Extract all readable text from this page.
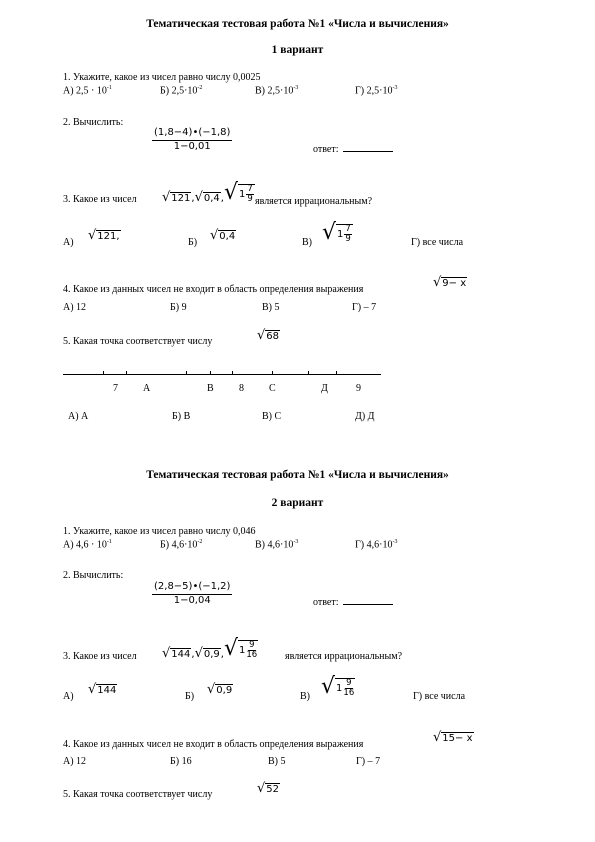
Тематическая тестовая работа №1 «Числа и вычисления»
1 вариант
1. Укажите, какое из чисел равно числу 0,0025
А) $2,5 \cdot 10^{-1}$	Б) $2,5\cdot 10^{-2}$	В) $2,5\cdot 10^{-3}$	Г) $2,5\cdot 10^{-3}$
2. Вычислить:
$\frac{(1,8-4)•(-1,8)}{1-0,01}$	ответ:
3. Какое из чисел √ 121 , √ 0,4 , √ $1 \frac{7}{9}$ является иррациональным?
А) √ 121,
Б) √ 0,4
В) √ $1 \frac{7}{9}$	Г) все числа
4. Какое из данных чисел не входит в область определения выражения	√ 9− x
А) 12	Б) 9	В) 5	Г) – 7
5. Какая точка соответствует числу	√ 68
7	А	В	8	С	Д	9
А) А	Б) В	В) С	Д) Д
Тематическая тестовая работа №1 «Числа и вычисления»
2 вариант
1. Укажите, какое из чисел равно числу 0,046
А) $4,6 \cdot 10^{-1}$	Б) $4,6\cdot 10^{-2}$	В) $4,6\cdot 10^{-3}$	Г) $4,6\cdot 10^{-3}$
2. Вычислить:
$\frac{(2,8-5)•(-1,2)}{1-0,04}$	ответ:
3. Какое из чисел √ 144 , √ 0,9 , √ $1 \frac{9}{16}$	является иррациональным?
А) √ 144
Б) √ 0,9
В) √ $1 \frac{9}{16}$	Г) все числа
4. Какое из данных чисел не входит в область определения выражения	√ 15− x
А) 12	Б) 16	В) 5	Г) – 7
5. Какая точка соответствует числу	√ 52
